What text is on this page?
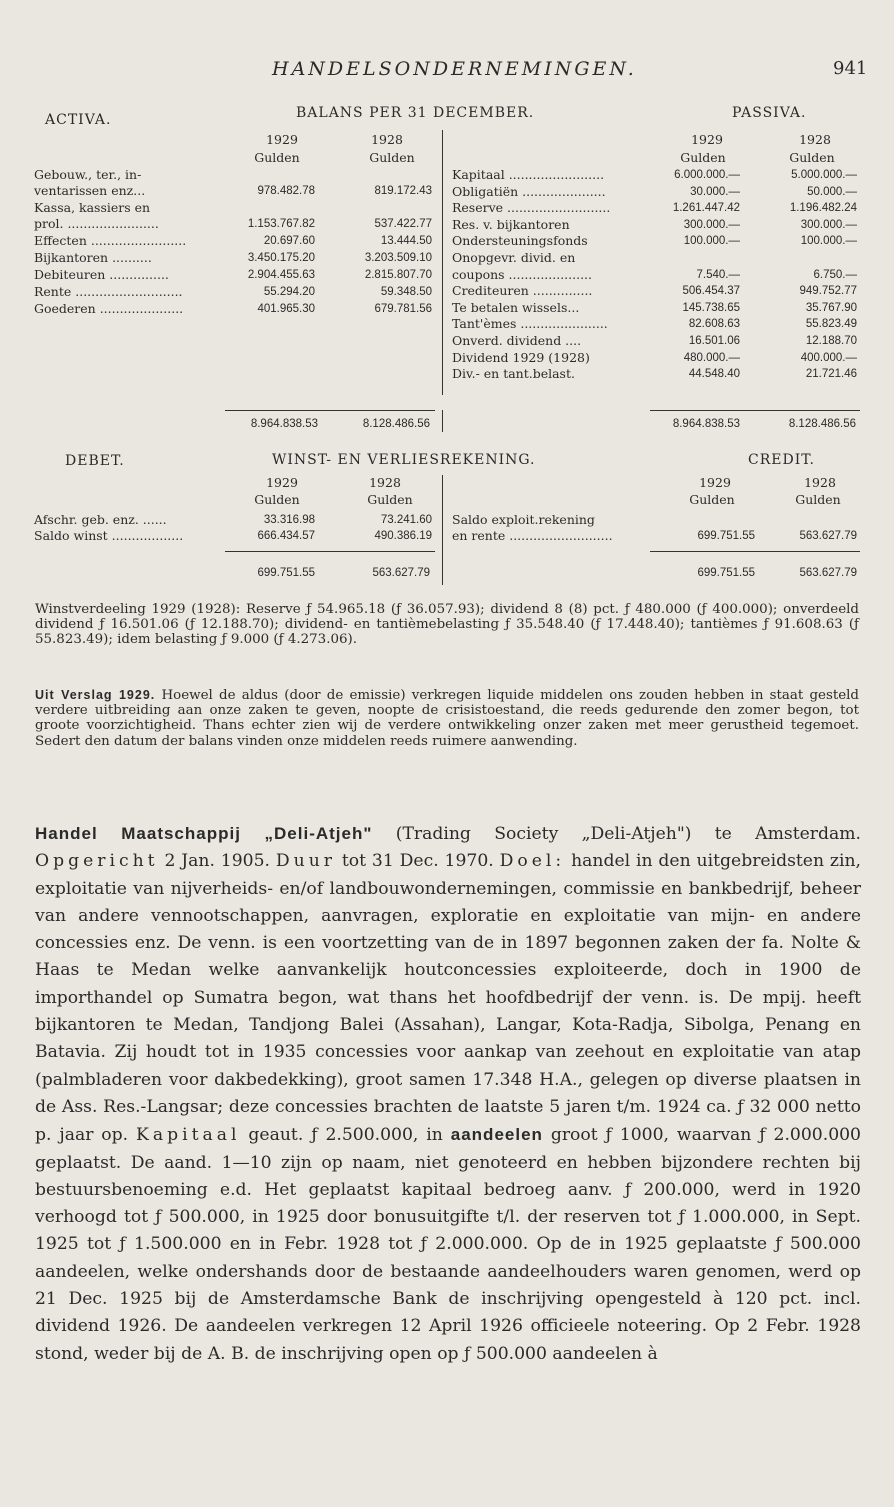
HANDELSONDERNEMINGEN.	941
ACTIVA.	BALANS PER 31 DECEMBER.	PASSIVA.
1929	1928
Gulden	Gulden
1929	1928
Gulden	Gulden
Gebouw., ter., in-
ventarissen enz...	978.482.78	819.172.43
Kassa, kassiers en
prol. .......................	1.153.767.82	537.422.77
Effecten ........................	20.697.60	13.444.50
Bijkantoren ..........	3.450.175.20	3.203.509.10
Debiteuren ...............	2.904.455.63	2.815.807.70
Rente ...........................	55.294.20	59.348.50
Goederen .....................	401.965.30	679.781.56
Kapitaal ........................	6.000.000.—	5.000.000.—
Obligatiën .....................	30.000.—	50.000.—
Reserve ..........................	1.261.447.42	1.196.482.24
Res. v. bijkantoren	300.000.—	300.000.—
Ondersteuningsfonds	100.000.—	100.000.—
Onopgevr. divid. en
coupons .....................	7.540.—	6.750.—
Crediteuren ...............	506.454.37	949.752.77
Te betalen wissels...	145.738.65	35.767.90
Tant'èmes ......................	82.608.63	55.823.49
Onverd. dividend ....	16.501.06	12.188.70
Dividend 1929 (1928)	480.000.—	400.000.—
Div.- en tant.belast.	44.548.40	21.721.46
8.964.838.53	8.128.486.56	8.964.838.53	8.128.486.56
DEBET.	WINST- EN VERLIESREKENING.	CREDIT.
1929	1928
Gulden	Gulden
1929	1928
Gulden	Gulden
Afschr. geb. enz. ......	33.316.98	73.241.60
Saldo winst ..................	666.434.57	490.386.19
Saldo exploit.rekening
en rente ..........................	699.751.55	563.627.79
699.751.55	563.627.79	699.751.55	563.627.79
Winstverdeeling 1929 (1928): Reserve ƒ 54.965.18 (ƒ 36.057.93); dividend 8 (8) pct. ƒ 480.000 (ƒ 400.000); onverdeeld dividend ƒ 16.501.06 (ƒ 12.188.70); dividend- en tantièmebelasting ƒ 35.548.40 (ƒ 17.448.40); tantièmes ƒ 91.608.63 (ƒ 55.823.49); idem belasting ƒ 9.000 (ƒ 4.273.06).
Uit Verslag 1929. Hoewel de aldus (door de emissie) verkregen liquide middelen ons zouden hebben in staat gesteld verdere uitbreiding aan onze zaken te geven, noopte de crisistoestand, die reeds gedurende den zomer begon, tot groote voorzichtigheid. Thans echter zien wij de verdere ontwikkeling onzer zaken met meer gerustheid tegemoet. Sedert den datum der balans vinden onze middelen reeds ruimere aanwending.
Handel Maatschappij „Deli-Atjeh" (Trading Society „Deli-Atjeh") te Amsterdam. Opgericht 2 Jan. 1905. Duur tot 31 Dec. 1970. Doel: handel in den uitgebreidsten zin, exploitatie van nijverheids- en/of landbouwondernemingen, commissie en bankbedrijf, beheer van andere vennootschappen, aanvragen, exploratie en exploitatie van mijn- en andere concessies enz. De venn. is een voortzetting van de in 1897 begonnen zaken der fa. Nolte & Haas te Medan welke aanvankelijk houtconcessies exploiteerde, doch in 1900 de importhandel op Sumatra begon, wat thans het hoofdbedrijf der venn. is. De mpij. heeft bijkantoren te Medan, Tandjong Balei (Assahan), Langar, Kota-Radja, Sibolga, Penang en Batavia. Zij houdt tot in 1935 concessies voor aankap van zeehout en exploitatie van atap (palmbladeren voor dakbedekking), groot samen 17.348 H.A., gelegen op diverse plaatsen in de Ass. Res.-Langsar; deze concessies brachten de laatste 5 jaren t/m. 1924 ca. ƒ 32 000 netto p. jaar op. Kapitaal geaut. ƒ 2.500.000, in aandeelen groot ƒ 1000, waarvan ƒ 2.000.000 geplaatst. De aand. 1—10 zijn op naam, niet genoteerd en hebben bijzondere rechten bij bestuursbenoeming e.d. Het geplaatst kapitaal bedroeg aanv. ƒ 200.000, werd in 1920 verhoogd tot ƒ 500.000, in 1925 door bonusuitgifte t/l. der reserven tot ƒ 1.000.000, in Sept. 1925 tot ƒ 1.500.000 en in Febr. 1928 tot ƒ 2.000.000. Op de in 1925 geplaatste ƒ 500.000 aandeelen, welke ondershands door de bestaande aandeelhouders waren genomen, werd op 21 Dec. 1925 bij de Amsterdamsche Bank de inschrijving opengesteld à 120 pct. incl. dividend 1926. De aandeelen verkregen 12 April 1926 officieele noteering. Op 2 Febr. 1928 stond, weder bij de A. B. de inschrijving open op ƒ 500.000 aandeelen à
